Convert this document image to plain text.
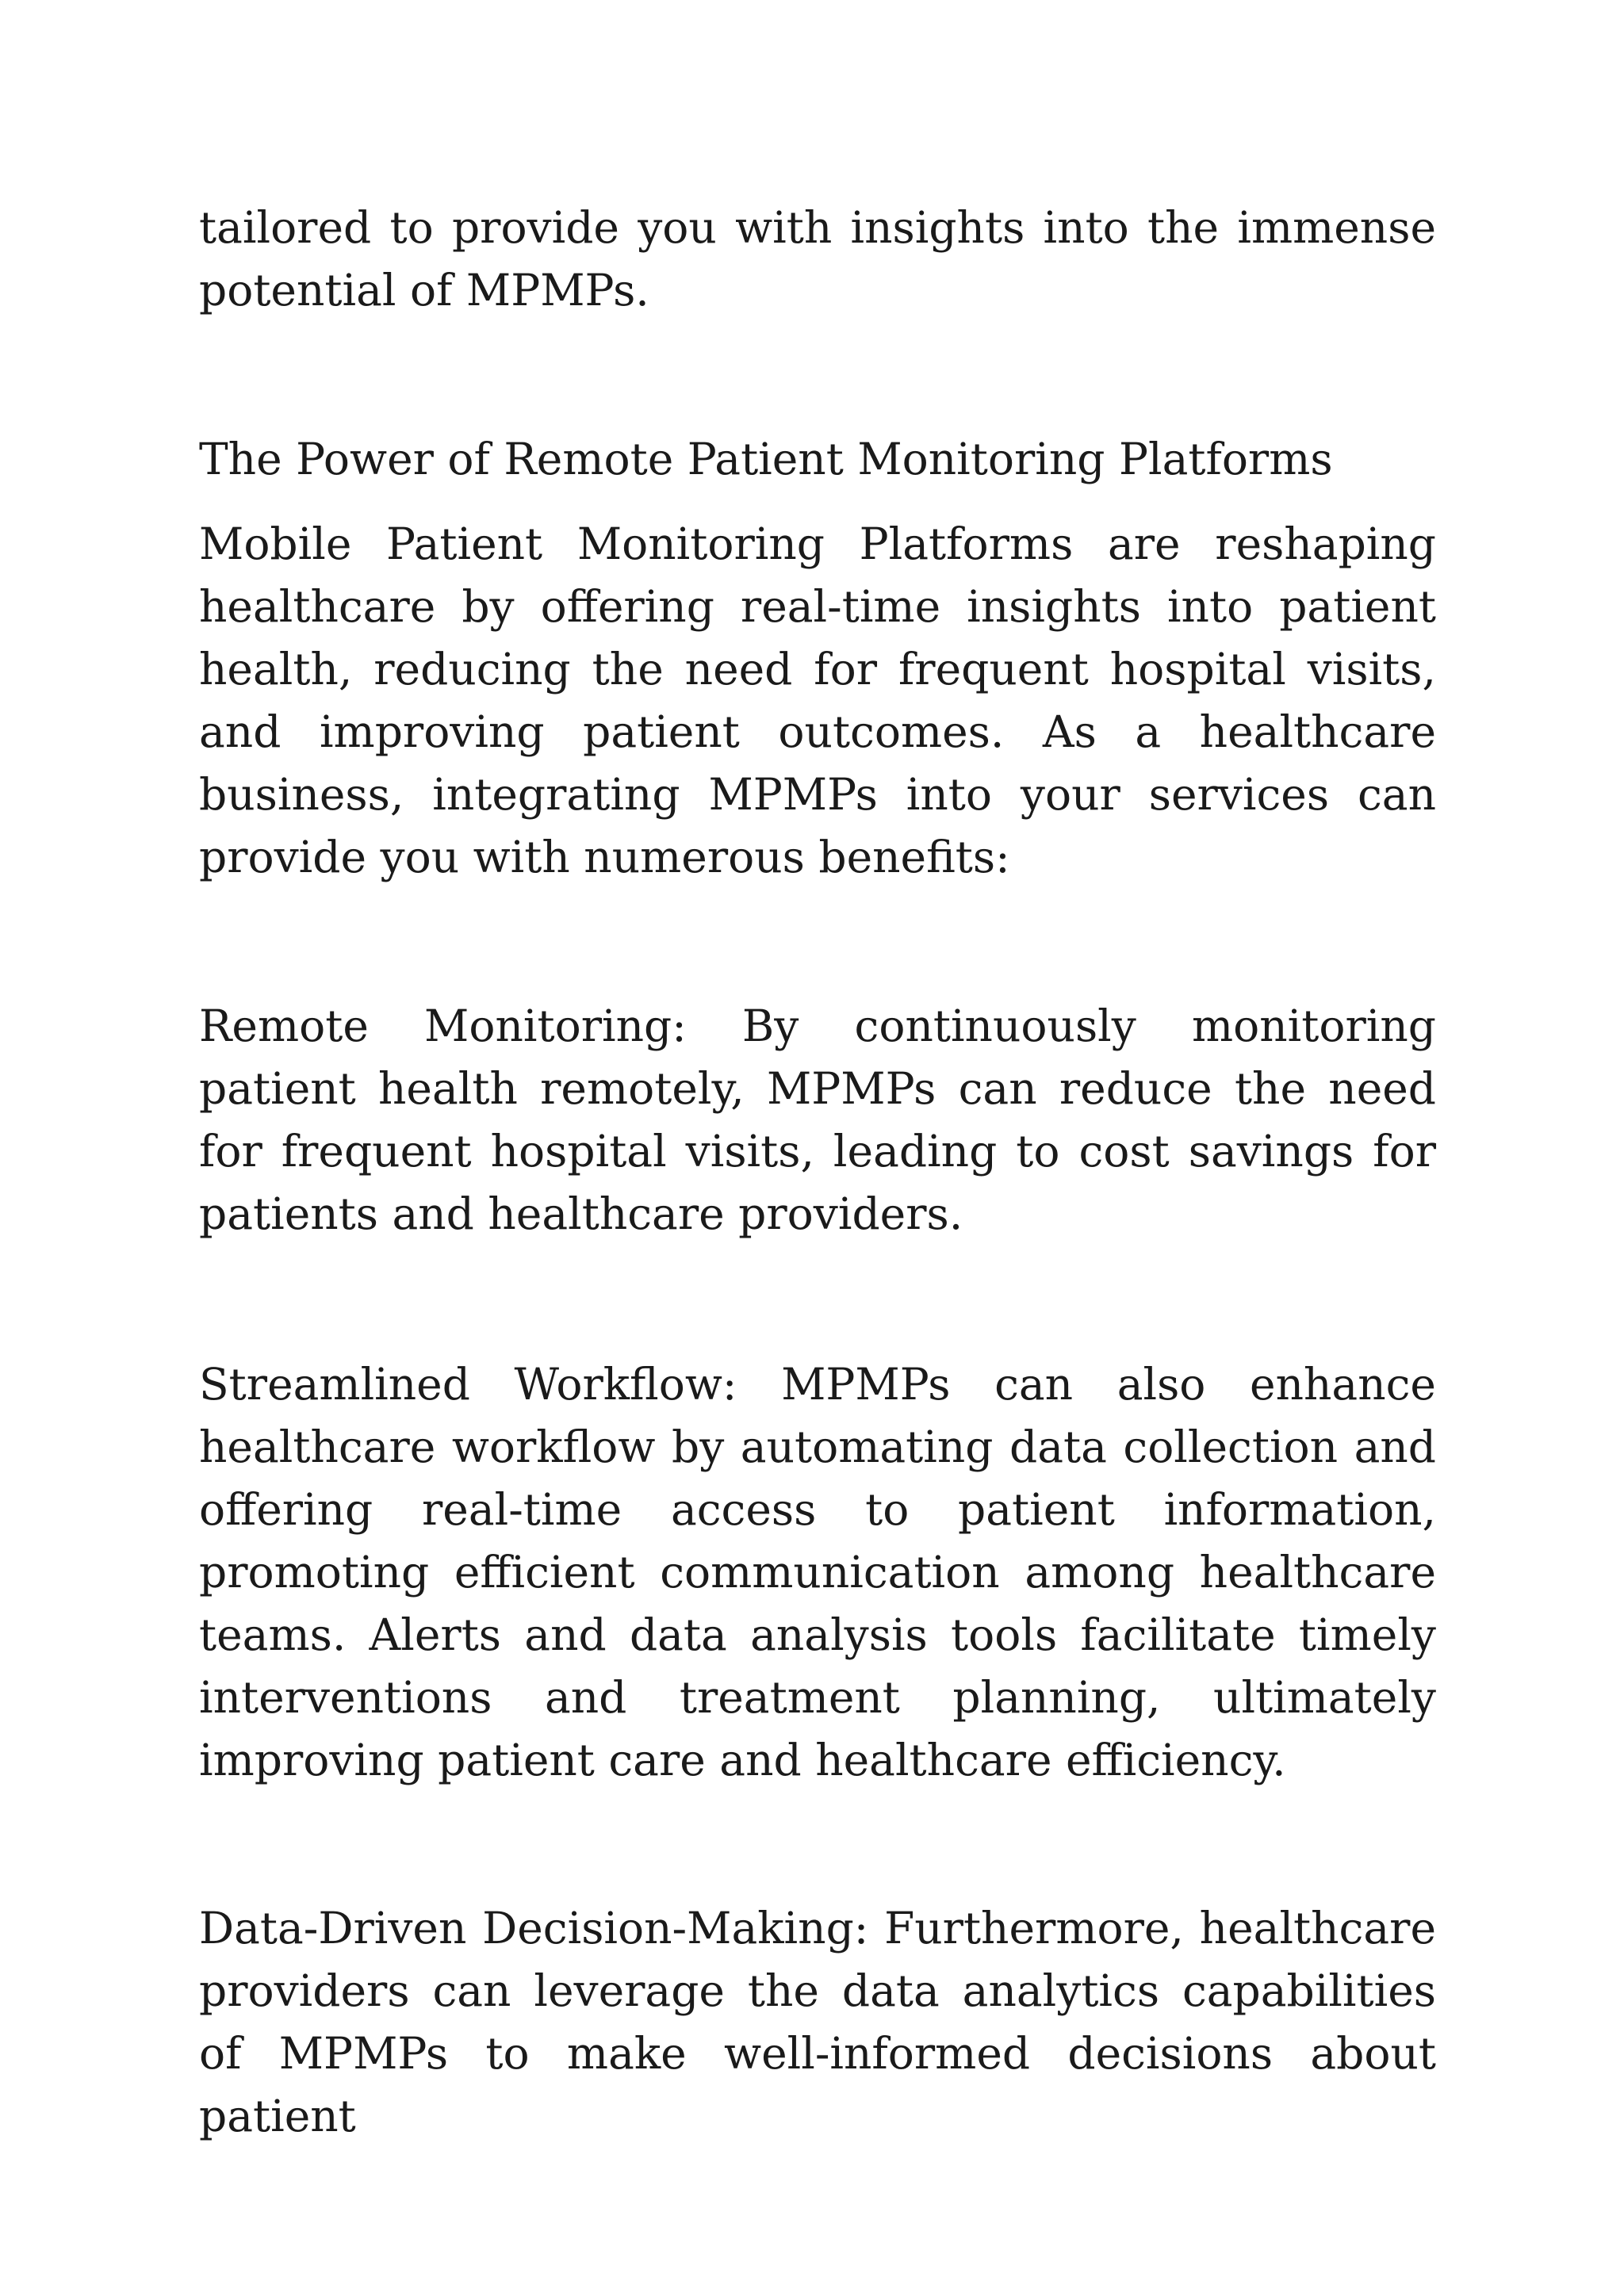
tailored to provide you with insights into the immense potential of MPMPs.

The Power of Remote Patient Monitoring Platforms

Mobile Patient Monitoring Platforms are reshaping healthcare by offering real-time insights into patient health, reducing the need for frequent hospital visits, and improving patient outcomes. As a healthcare business, integrating MPMPs into your services can provide you with numerous benefits:

Remote Monitoring: By continuously monitoring patient health remotely, MPMPs can reduce the need for frequent hospital visits, leading to cost savings for patients and healthcare providers.

Streamlined Workflow: MPMPs can also enhance healthcare workflow by automating data collection and offering real-time access to patient information, promoting efficient communication among healthcare teams. Alerts and data analysis tools facilitate timely interventions and treatment planning, ultimately improving patient care and healthcare efficiency.

Data-Driven Decision-Making: Furthermore, healthcare providers can leverage the data analytics capabilities of MPMPs to make well-informed decisions about patient
